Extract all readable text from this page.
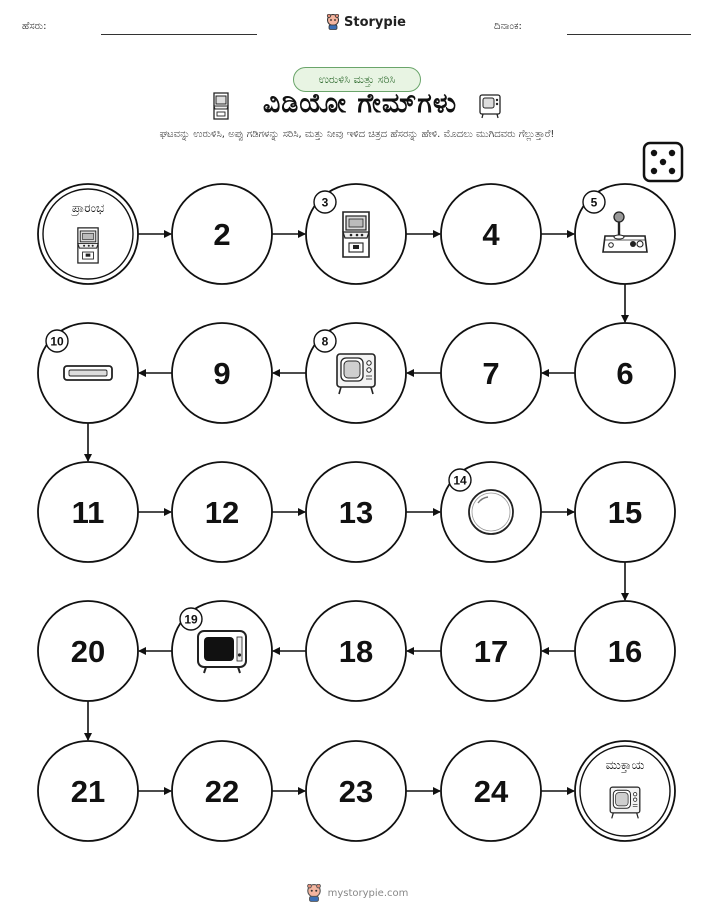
ಹೆಸರು:	Storypie	ದಿನಾಂಕ:
ಉರುಳಿಸಿ ಮತ್ತು ಸರಿಸಿ
ವಿಡಿಯೋ ಗೇಮ್‌ಗಳು
ಘಟವನ್ನು ಉರುಳಿಸಿ, ಅಪ್ಪು ಗಡಿಗಳನ್ನು ಸರಿಸಿ, ಮತ್ತು ನೀವು ಇಳಿದ ಚಿತ್ರದ ಹೆಸರನ್ನು ಹೇಳಿ. ಮೊದಲು ಮುಗಿದವರು ಗೆಲ್ಲುತ್ತಾರೆ!
ಪ್ರಾರಂಭ
2
3
4
5
6
7
8
9
10
11	12	13
14
15
16
17
18
19
20
21	22	23	24
ಮುಕ್ತಾಯ
mystorypie.com
